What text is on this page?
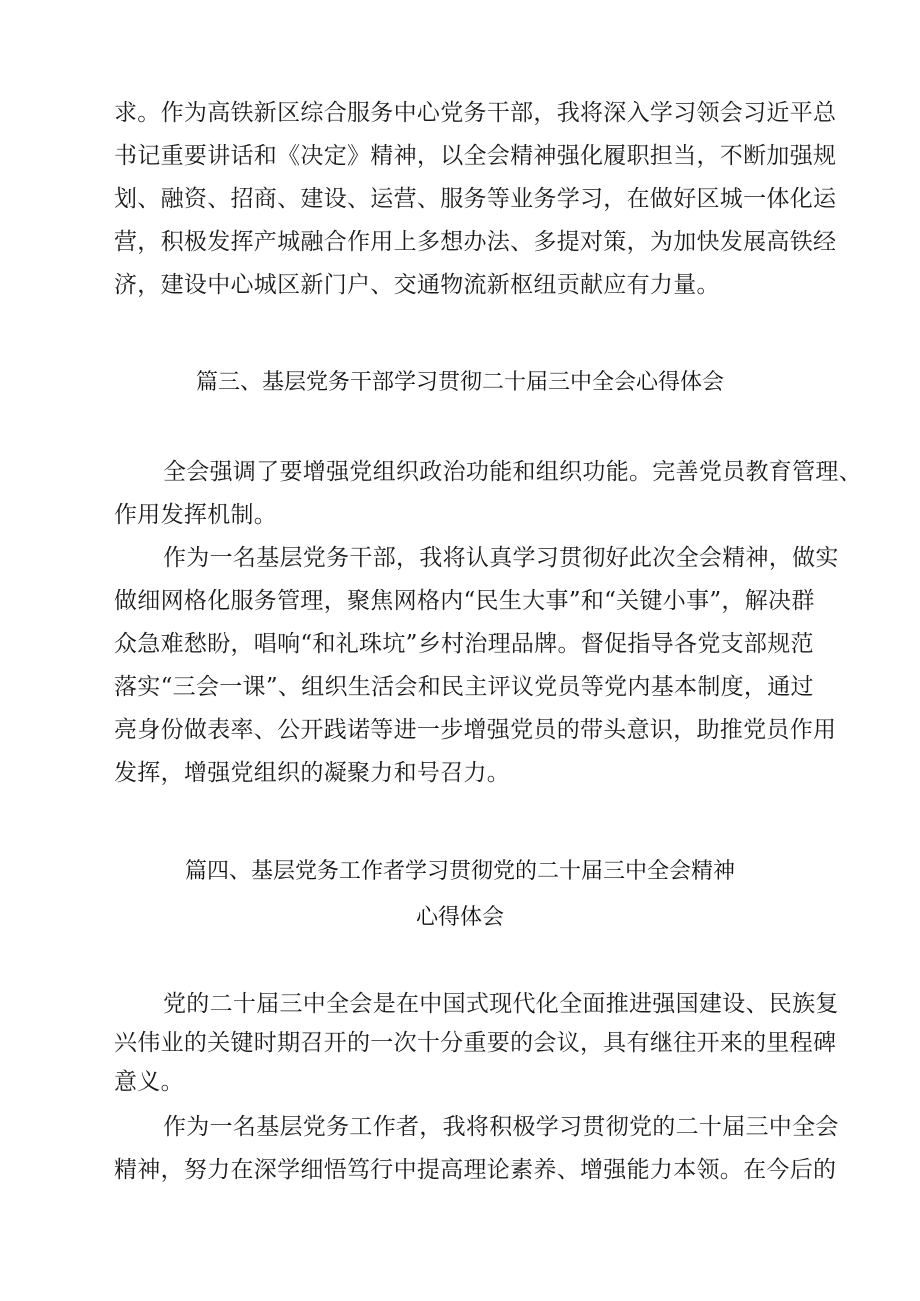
求。作为高铁新区综合服务中心党务干部，我将深入学习领会习近平总
书记重要讲话和《决定》精神，以全会精神强化履职担当，不断加强规
划、融资、招商、建设、运营、服务等业务学习，在做好区城一体化运
营，积极发挥产城融合作用上多想办法、多提对策，为加快发展高铁经
济，建设中心城区新门户、交通物流新枢纽贡献应有力量。
篇三、基层党务干部学习贯彻二十届三中全会心得体会
全会强调了要增强党组织政治功能和组织功能。完善党员教育管理、
作用发挥机制。
作为一名基层党务干部，我将认真学习贯彻好此次全会精神，做实
做细网格化服务管理，聚焦网格内“民生大事”和“关键小事”，解决群
众急难愁盼，唱响“和礼珠坑”乡村治理品牌。督促指导各党支部规范
落实“三会一课”、组织生活会和民主评议党员等党内基本制度，通过
亮身份做表率、公开践诺等进一步增强党员的带头意识，助推党员作用
发挥，增强党组织的凝聚力和号召力。
篇四、基层党务工作者学习贯彻党的二十届三中全会精神
心得体会
党的二十届三中全会是在中国式现代化全面推进强国建设、民族复
兴伟业的关键时期召开的一次十分重要的会议，具有继往开来的里程碑
意义。
作为一名基层党务工作者，我将积极学习贯彻党的二十届三中全会
精神，努力在深学细悟笃行中提高理论素养、增强能力本领。在今后的
